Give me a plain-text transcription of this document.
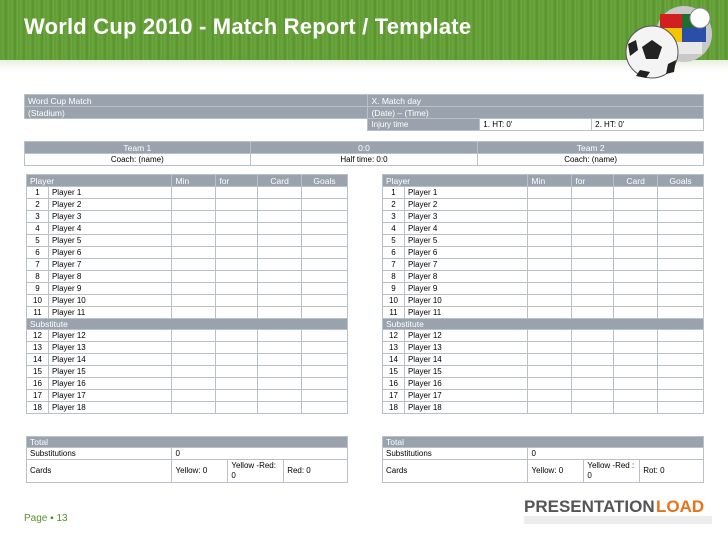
World Cup 2010 - Match Report / Template
Word Cup Match	X. Match day		
(Stadium)	(Date) – (Time)		
	Injury time	1. HT: 0'	2. HT: 0'
Team 1	0:0	Team 2
Coach: (name)	Half time: 0:0	Coach: (name)
Player		Min	for	Card	Goals
1	Player 1				
2	Player 2				
3	Player 3				
4	Player 4				
5	Player 5				
6	Player 6				
7	Player 7				
8	Player 8				
9	Player 9				
10	Player 10				
11	Player 11				
Substitute					
12	Player 12				
13	Player 13				
14	Player 14				
15	Player 15				
16	Player 16				
17	Player 17				
18	Player 18				
Player		Min	for	Card	Goals
1	Player 1				
2	Player 2				
3	Player 3				
4	Player 4				
5	Player 5				
6	Player 6				
7	Player 7				
8	Player 8				
9	Player 9				
10	Player 10				
11	Player 11				
Substitute					
12	Player 12				
13	Player 13				
14	Player 14				
15	Player 15				
16	Player 16				
17	Player 17				
18	Player 18				
Total			
Substitutions	0		
Cards	Yellow: 0	Yellow -Red: 0	Red: 0
Total			
Substitutions	0		
Cards	Yellow: 0	Yellow -Red : 0	Rot: 0
Page ▪ 13
PRESENTATION LOAD
